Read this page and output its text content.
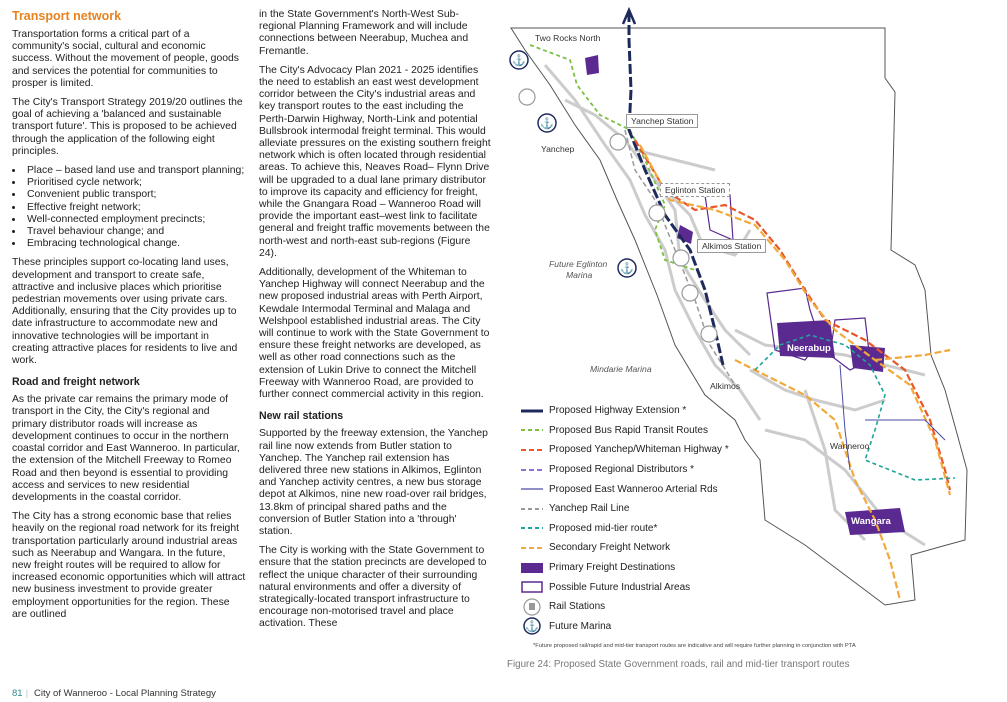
Transport network

Transportation forms a critical part of a community's social, cultural and economic success. Without the movement of people, goods and services the potential for communities to prosper is limited.

The City's Transport Strategy 2019/20 outlines the goal of achieving a 'balanced and sustainable transport future'. This is proposed to be achieved through the application of the following eight principles.

• Place – based land use and transport planning;
• Prioritised cycle network;
• Convenient public transport;
• Effective freight network;
• Well-connected employment precincts;
• Travel behaviour change; and
• Embracing technological change.

These principles support co-locating land uses, development and transport to create safe, attractive and inclusive places which prioritise pedestrian movements over using private cars. Additionally, ensuring that the City provides up to date infrastructure to accommodate new and innovative technologies will be important in creating attractive places for residents to live and work.

Road and freight network

As the private car remains the primary mode of transport in the City, the City's regional and primary distributor roads will increase as development continues to occur in the northern coastal corridor and East Wanneroo. In particular, the extension of the Mitchell Freeway to Romeo Road and then beyond is essential to providing access and services to new residential developments in the coastal corridor.

The City has a strong economic base that relies heavily on the regional road network for its freight transportation particularly around industrial areas such as Neerabup and Wangara. In the future, new freight routes will be required to allow for increased economic opportunities which will attract new business investment to provide greater employment opportunities for the region. These are outlined

in the State Government's North-West Sub-regional Planning Framework and will include connections between Neerabup, Muchea and Fremantle.

The City's Advocacy Plan 2021 - 2025 identifies the need to establish an east west development corridor between the City's industrial areas and key transport routes to the east including the Perth-Darwin Highway, North-Link and potential Bullsbrook intermodal freight terminal. This would alleviate pressures on the existing southern freight network which is often located through residential areas. To achieve this, Neaves Road– Flynn Drive will be upgraded to a dual lane primary distributor to improve its capacity and efficiency for freight, while the Gnangara Road – Wanneroo Road will provide the important east–west link to facilitate general and freight traffic movements between the north-west and north-east sub-regions (Figure 24).

Additionally, development of the Whiteman to Yanchep Highway will connect Neerabup and the new proposed industrial areas with Perth Airport, Kewdale Intermodal Terminal and Malaga and Welshpool established industrial areas. The City will continue to work with the State Government to ensure these freight networks are developed, as well as other road connections such as the extension of Lukin Drive to connect the Mitchell Freeway with Wanneroo Road, are provided to further connect commercial activity in this region.

New rail stations

Supported by the freeway extension, the Yanchep rail line now extends from Butler station to Yanchep. The Yanchep rail extension has delivered three new stations in Alkimos, Eglinton and Yanchep activity centres, a new bus storage depot at Alkimos, nine new road-over rail bridges, 13.8km of principal shared paths and the conversion of Butler Station into a 'through' station.

The City is working with the State Government to ensure that the station precincts are developed to reflect the unique character of their surrounding natural environments and offer a diversity of strategically-located transport infrastructure to encourage non-motorised travel and place activation. These

⚓
⚓
⚓
Two Rocks North
Yanchep Station
Yanchep
Eglinton Station
Alkimos Station
Future Eglinton
Marina
Mindarie Marina
Alkimos
Neerabup
Wanneroo
Wangara
Proposed Highway Extension *
Proposed Bus Rapid Transit Routes
Proposed Yanchep/Whiteman Highway *
Proposed Regional Distributors *
Proposed East Wanneroo Arterial Rds
Yanchep Rail Line
Proposed mid-tier route*
Secondary Freight Network
Primary Freight Destinations
Possible Future Industrial Areas
Rail Stations
⚓ Future Marina
*Future proposed rail/rapid and mid-tier transport routes are indicative and will require further planning in conjunction with PTA
Figure 24: Proposed State Government roads, rail and mid-tier transport routes
81 | City of Wanneroo - Local Planning Strategy
